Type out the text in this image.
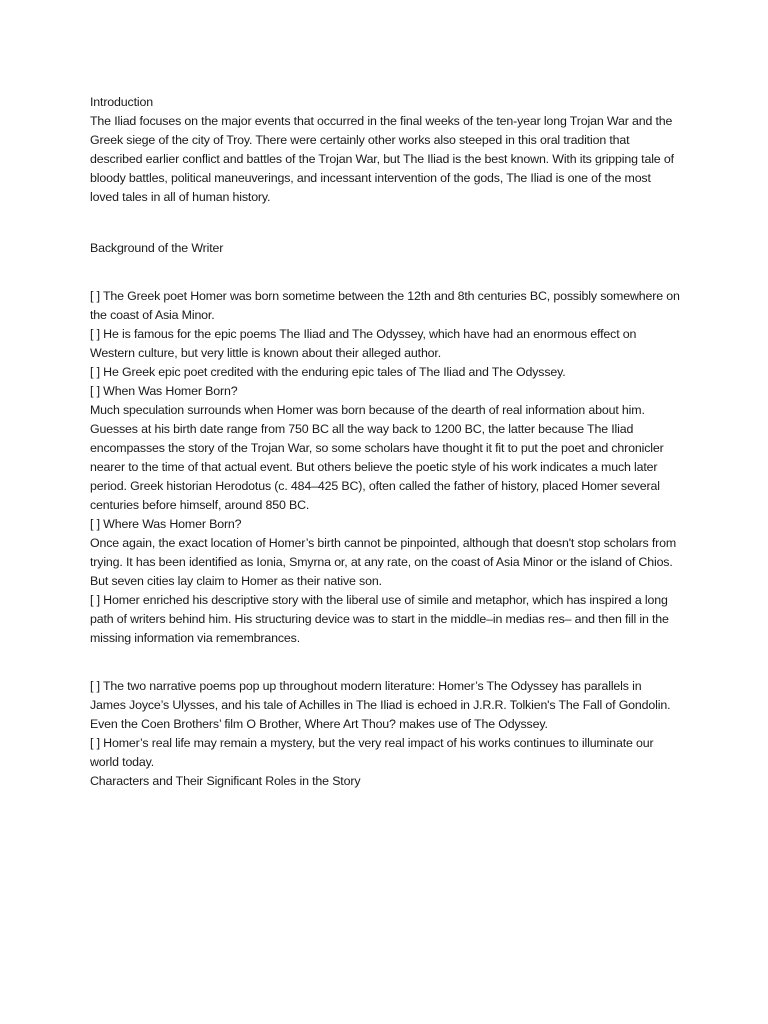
Introduction

The Iliad focuses on the major events that occurred in the final weeks of the ten-year long Trojan War and the Greek siege of the city of Troy. There were certainly other works also steeped in this oral tradition that described earlier conflict and battles of the Trojan War, but The Iliad is the best known. With its gripping tale of bloody battles, political maneuverings, and incessant intervention of the gods, The Iliad is one of the most loved tales in all of human history.

Background of the Writer

[ ] The Greek poet Homer was born sometime between the 12th and 8th centuries BC, possibly somewhere on the coast of Asia Minor.

[ ] He is famous for the epic poems The Iliad and The Odyssey, which have had an enormous effect on Western culture, but very little is known about their alleged author.

[ ] He Greek epic poet credited with the enduring epic tales of The Iliad and The Odyssey.

[ ] When Was Homer Born?

Much speculation surrounds when Homer was born because of the dearth of real information about him. Guesses at his birth date range from 750 BC all the way back to 1200 BC, the latter because The Iliad encompasses the story of the Trojan War, so some scholars have thought it fit to put the poet and chronicler nearer to the time of that actual event. But others believe the poetic style of his work indicates a much later period. Greek historian Herodotus (c. 484–425 BC), often called the father of history, placed Homer several centuries before himself, around 850 BC.

[ ] Where Was Homer Born?

Once again, the exact location of Homer’s birth cannot be pinpointed, although that doesn't stop scholars from trying. It has been identified as Ionia, Smyrna or, at any rate, on the coast of Asia Minor or the island of Chios. But seven cities lay claim to Homer as their native son.

[ ] Homer enriched his descriptive story with the liberal use of simile and metaphor, which has inspired a long path of writers behind him. His structuring device was to start in the middle–in medias res– and then fill in the missing information via remembrances.

[ ] The two narrative poems pop up throughout modern literature: Homer’s The Odyssey has parallels in James Joyce’s Ulysses, and his tale of Achilles in The Iliad is echoed in J.R.R. Tolkien's The Fall of Gondolin. Even the Coen Brothers’ film O Brother, Where Art Thou? makes use of The Odyssey.

[ ] Homer’s real life may remain a mystery, but the very real impact of his works continues to illuminate our world today.

Characters and Their Significant Roles in the Story
